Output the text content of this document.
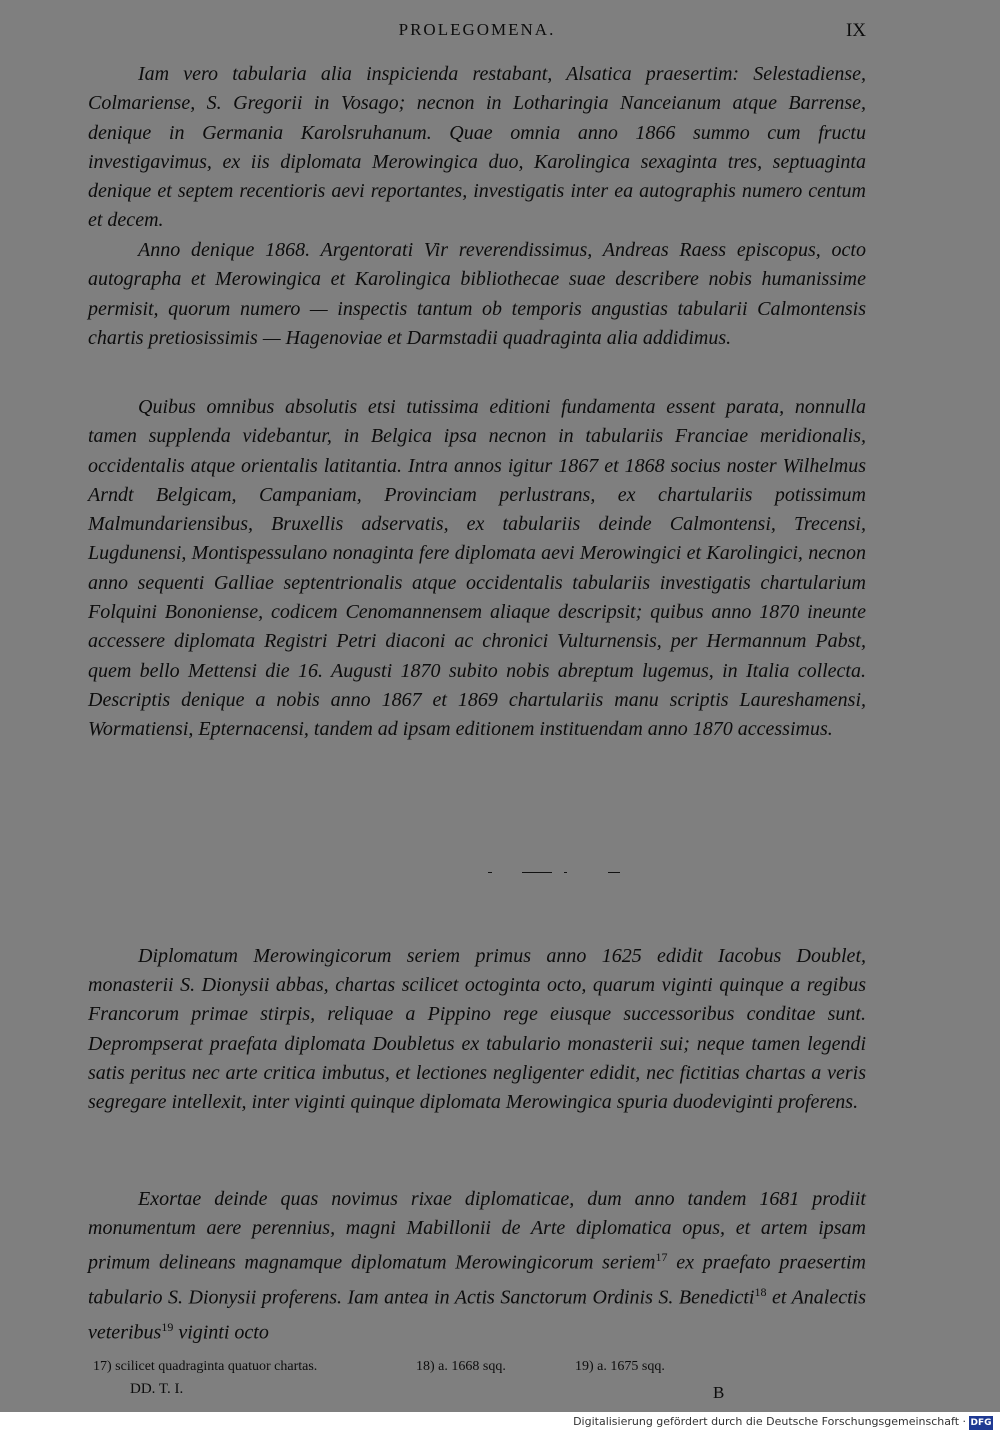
PROLEGOMENA.	IX

Iam vero tabularia alia inspicienda restabant, Alsatica praesertim: Selestadiense, Colmariense, S. Gregorii in Vosago; necnon in Lotharingia Nanceianum atque Barrense, denique in Germania Karolsruhanum. Quae omnia anno 1866 summo cum fructu investigavimus, ex iis diplomata Merowingica duo, Karolingica sexaginta tres, septuaginta denique et septem recentioris aevi reportantes, investigatis inter ea autographis numero centum et decem.

Anno denique 1868. Argentorati Vir reverendissimus, Andreas Raess episcopus, octo autographa et Merowingica et Karolingica bibliothecae suae describere nobis humanissime permisit, quorum numero — inspectis tantum ob temporis angustias tabularii Calmontensis chartis pretiosissimis — Hagenoviae et Darmstadii quadraginta alia addidimus.

Quibus omnibus absolutis etsi tutissima editioni fundamenta essent parata, nonnulla tamen supplenda videbantur, in Belgica ipsa necnon in tabulariis Franciae meridionalis, occidentalis atque orientalis latitantia. Intra annos igitur 1867 et 1868 socius noster Wilhelmus Arndt Belgicam, Campaniam, Provinciam perlustrans, ex chartulariis potissimum Malmundariensibus, Bruxellis adservatis, ex tabulariis deinde Calmontensi, Trecensi, Lugdunensi, Montispessulano nonaginta fere diplomata aevi Merowingici et Karolingici, necnon anno sequenti Galliae septentrionalis atque occidentalis tabulariis investigatis chartularium Folquini Bononiense, codicem Cenomannensem aliaque descripsit; quibus anno 1870 ineunte accessere diplomata Registri Petri diaconi ac chronici Vulturnensis, per Hermannum Pabst, quem bello Mettensi die 16. Augusti 1870 subito nobis abreptum lugemus, in Italia collecta. Descriptis denique a nobis anno 1867 et 1869 chartulariis manu scriptis Laureshamensi, Wormatiensi, Epternacensi, tandem ad ipsam editionem instituendam anno 1870 accessimus.

Diplomatum Merowingicorum seriem primus anno 1625 edidit Iacobus Doublet, monasterii S. Dionysii abbas, chartas scilicet octoginta octo, quarum viginti quinque a regibus Francorum primae stirpis, reliquae a Pippino rege eiusque successoribus conditae sunt. Deprompserat praefata diplomata Doubletus ex tabulario monasterii sui; neque tamen legendi satis peritus nec arte critica imbutus, et lectiones negligenter edidit, nec fictitias chartas a veris segregare intellexit, inter viginti quinque diplomata Merowingica spuria duodeviginti proferens.

Exortae deinde quas novimus rixae diplomaticae, dum anno tandem 1681 prodiit monumentum aere perennius, magni Mabillonii de Arte diplomatica opus, et artem ipsam primum delineans magnamque diplomatum Merowingicorum seriem$^{17}$ ex praefato praesertim tabulario S. Dionysii proferens. Iam antea in Actis Sanctorum Ordinis S. Benedicti$^{18}$ et Analectis veteribus$^{19}$ viginti octo

17) scilicet quadraginta quatuor chartas.	18) a. 1668 sqq.	19) a. 1675 sqq.
DD. T. I.	B
Digitalisierung gefördert durch die Deutsche Forschungsgemeinschaft · DFG
